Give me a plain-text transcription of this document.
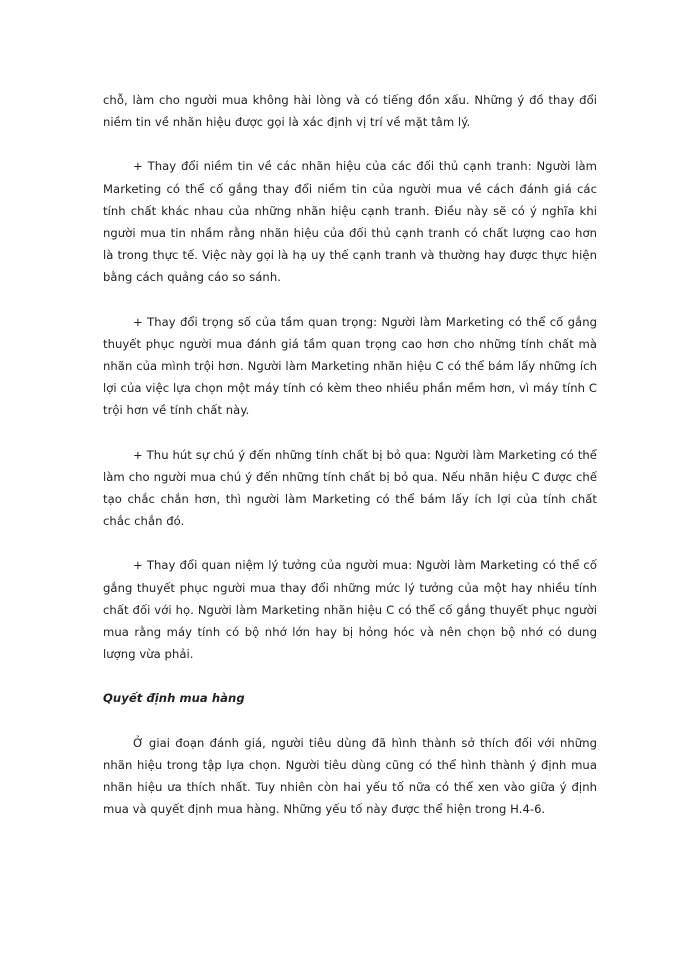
chỗ, làm cho người mua không hài lòng và có tiếng đồn xấu. Những ý đồ thay đổi niềm tin về nhãn hiệu được gọi là xác định vị trí về mặt tâm lý.

+ Thay đổi niềm tin về các nhãn hiệu của các đối thủ cạnh tranh: Người làm Marketing có thể cố gắng thay đổi niềm tin của người mua về cách đánh giá các tính chất khác nhau của những nhãn hiệu cạnh tranh. Điều này sẽ có ý nghĩa khi người mua tin nhầm rằng nhãn hiệu của đối thủ cạnh tranh có chất lượng cao hơn là trong thực tế. Việc này gọi là hạ uy thế cạnh tranh và thường hay được thực hiện bằng cách quảng cáo so sánh.

+ Thay đổi trọng số của tầm quan trọng: Người làm Marketing có thể cố gắng thuyết phục người mua đánh giá tầm quan trọng cao hơn cho những tính chất mà nhãn của mình trội hơn. Người làm Marketing nhãn hiệu C có thể bám lấy những ích lợi của việc lựa chọn một máy tính có kèm theo nhiều phần mềm hơn, vì máy tính C trội hơn về tính chất này.

+ Thu hút sự chú ý đến những tính chất bị bỏ qua: Người làm Marketing có thể làm cho người mua chú ý đến những tính chất bị bỏ qua. Nếu nhãn hiệu C được chế tạo chắc chắn hơn, thì người làm Marketing có thể bám lấy ích lợi của tính chất chắc chắn đó.

+ Thay đổi quan niệm lý tưởng của người mua: Người làm Marketing có thể cố gắng thuyết phục người mua thay đổi những mức lý tưởng của một hay nhiều tính chất đối với họ. Người làm Marketing nhãn hiệu C có thể cố gắng thuyết phục người mua rằng máy tính có bộ nhớ lớn hay bị hỏng hóc và nên chọn bộ nhớ có dung lượng vừa phải.

Quyết định mua hàng

Ở giai đoạn đánh giá, người tiêu dùng đã hình thành sở thích đối với những nhãn hiệu trong tập lựa chọn. Người tiêu dùng cũng có thể hình thành ý định mua nhãn hiệu ưa thích nhất. Tuy nhiên còn hai yếu tố nữa có thể xen vào giữa ý định mua và quyết định mua hàng. Những yếu tố này được thể hiện trong H.4-6.
